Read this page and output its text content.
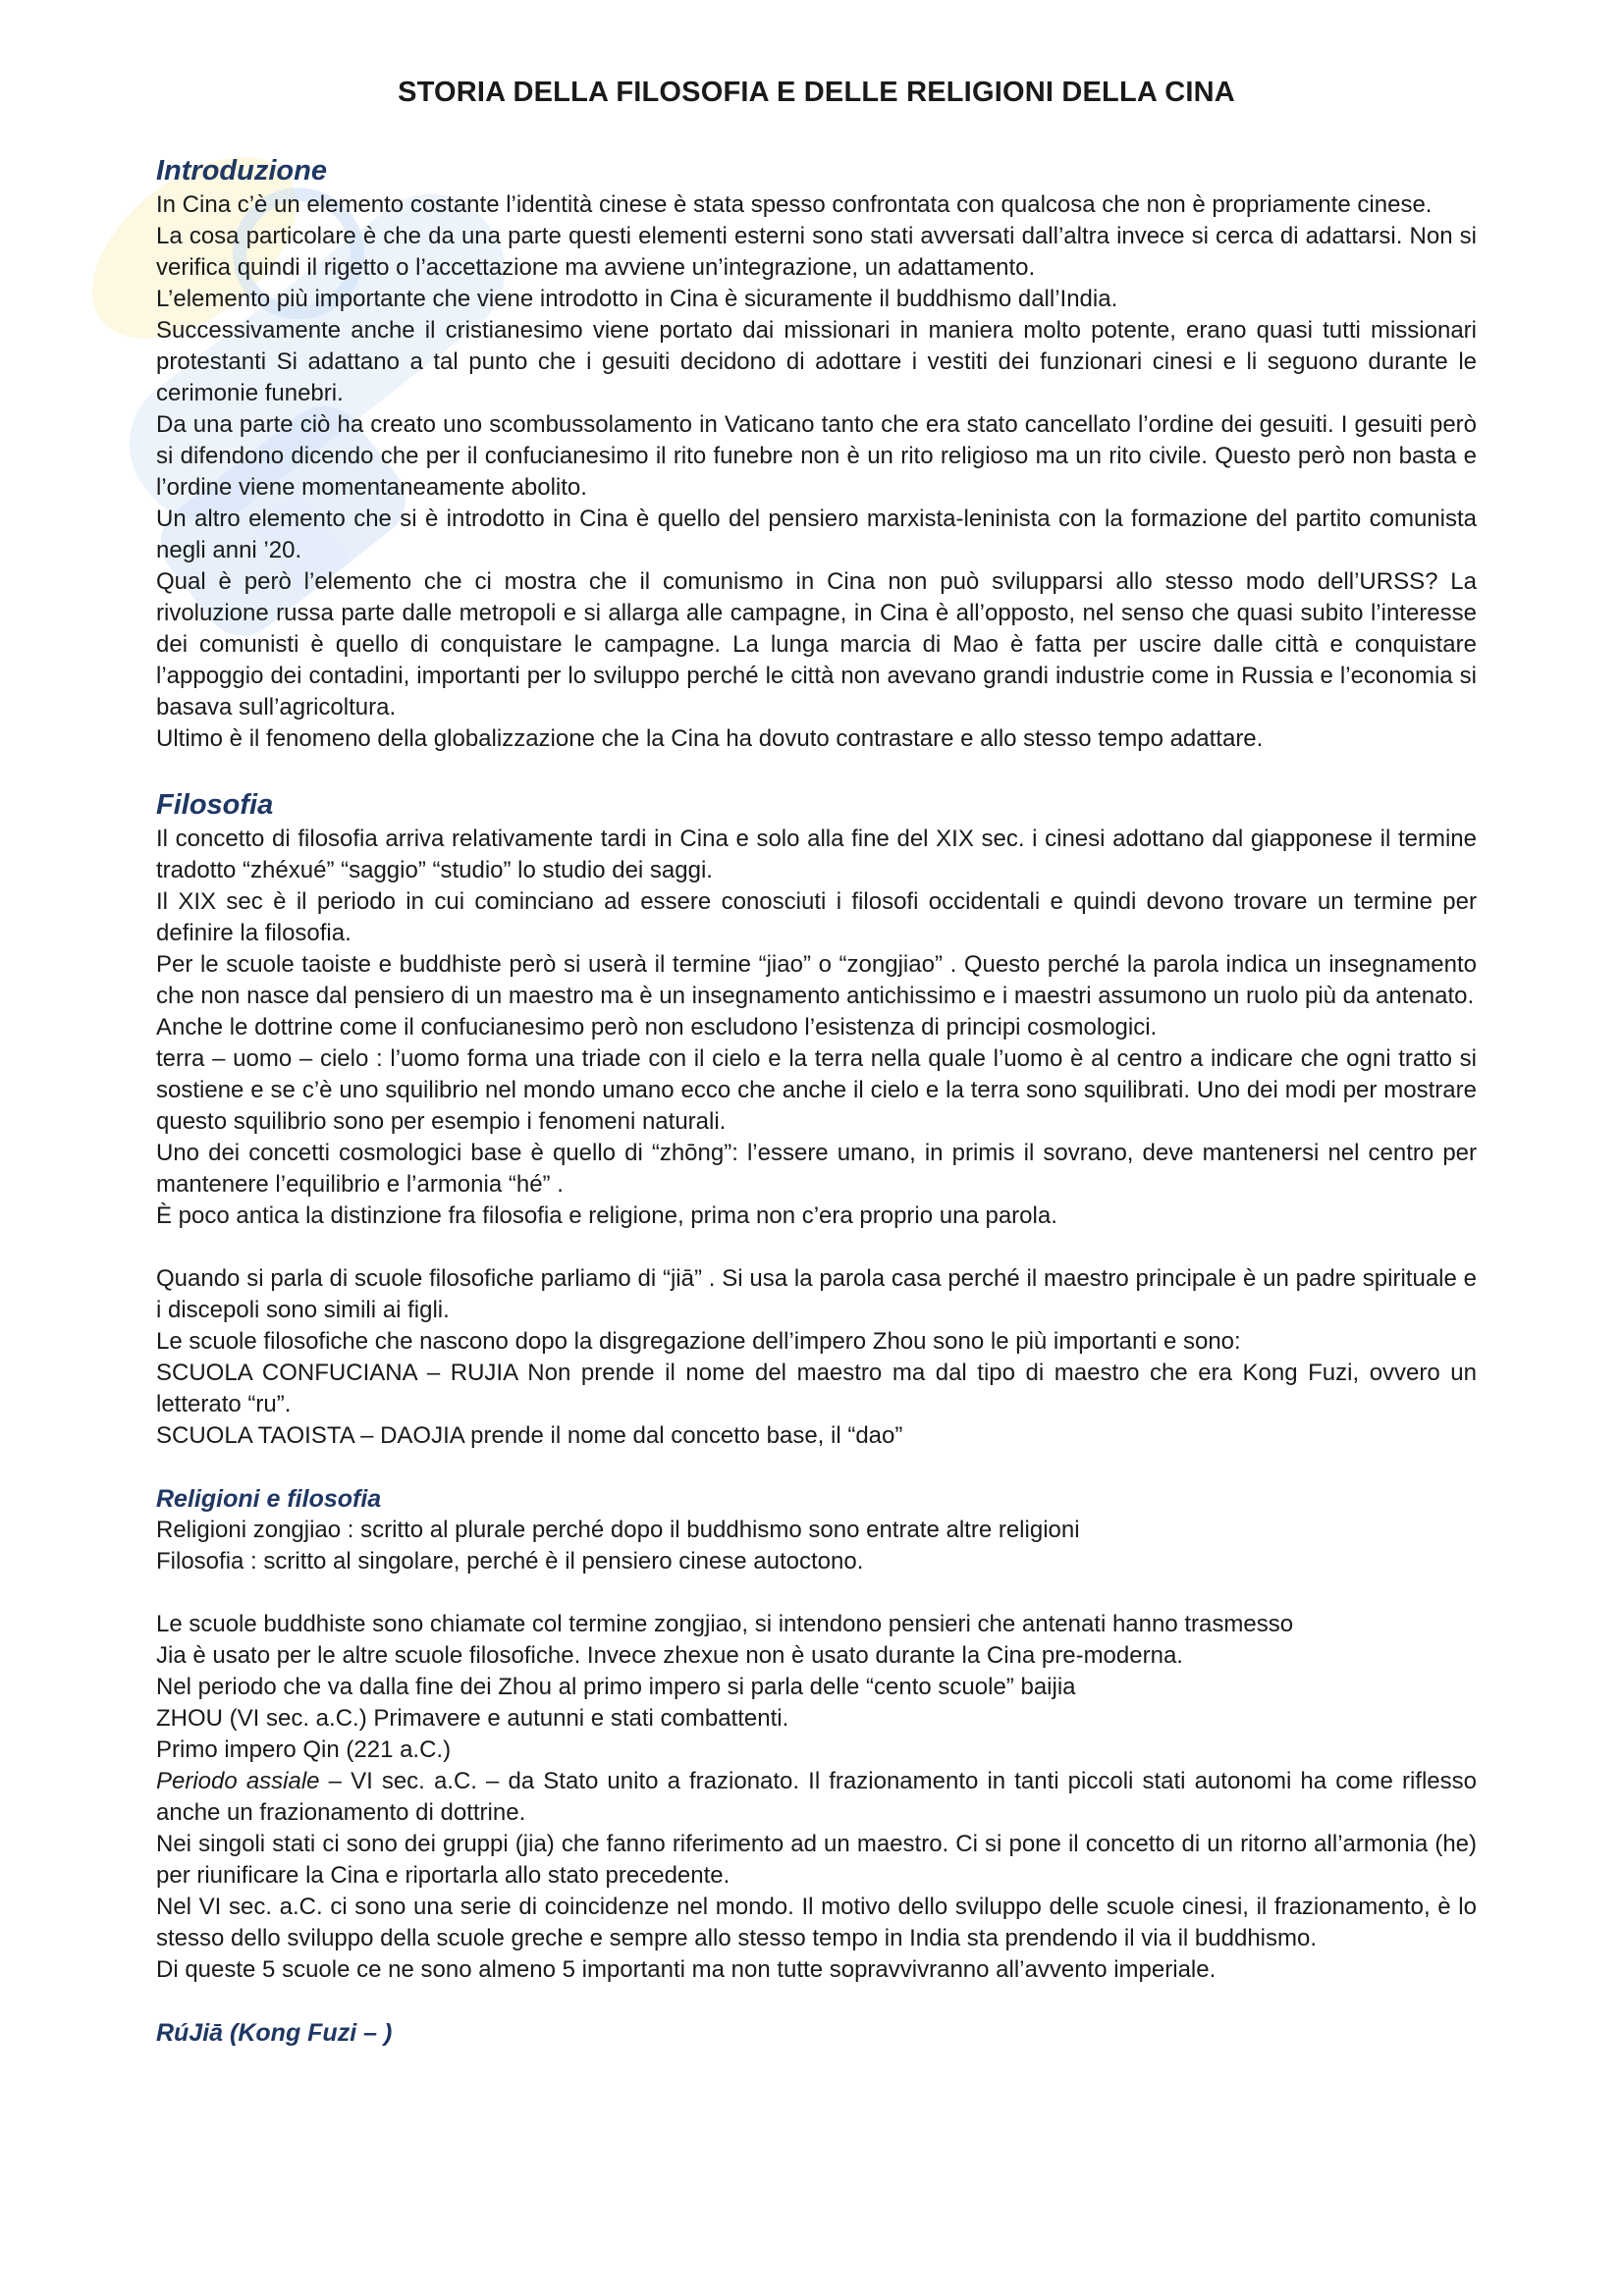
STORIA DELLA FILOSOFIA E DELLE RELIGIONI DELLA CINA
Introduzione

In Cina c’è un elemento costante l’identità cinese è stata spesso confrontata con qualcosa che non è propriamente cinese.

La cosa particolare è che da una parte questi elementi esterni sono stati avversati dall’altra invece si cerca di adattarsi. Non si verifica quindi il rigetto o l’accettazione ma avviene un’integrazione, un adattamento.

L’elemento più importante che viene introdotto in Cina è sicuramente il buddhismo dall’India.

Successivamente anche il cristianesimo viene portato dai missionari in maniera molto potente, erano quasi tutti missionari protestanti Si adattano a tal punto che i gesuiti decidono di adottare i vestiti dei funzionari cinesi e li seguono durante le cerimonie funebri.

Da una parte ciò ha creato uno scombussolamento in Vaticano tanto che era stato cancellato l’ordine dei gesuiti. I gesuiti però si difendono dicendo che per il confucianesimo il rito funebre non è un rito religioso ma un rito civile. Questo però non basta e l’ordine viene momentaneamente abolito.

Un altro elemento che si è introdotto in Cina è quello del pensiero marxista-leninista con la formazione del partito comunista negli anni ’20.

Qual è però l’elemento che ci mostra che il comunismo in Cina non può svilupparsi allo stesso modo dell’URSS? La rivoluzione russa parte dalle metropoli e si allarga alle campagne, in Cina è all’opposto, nel senso che quasi subito l’interesse dei comunisti è quello di conquistare le campagne. La lunga marcia di Mao è fatta per uscire dalle città e conquistare l’appoggio dei contadini, importanti per lo sviluppo perché le città non avevano grandi industrie come in Russia e l’economia si basava sull’agricoltura.

Ultimo è il fenomeno della globalizzazione che la Cina ha dovuto contrastare e allo stesso tempo adattare.

Filosofia

Il concetto di filosofia arriva relativamente tardi in Cina e solo alla fine del XIX sec. i cinesi adottano dal giapponese il termine tradotto “zhéxué” “saggio” “studio” lo studio dei saggi.

Il XIX sec è il periodo in cui cominciano ad essere conosciuti i filosofi occidentali e quindi devono trovare un termine per definire la filosofia.

Per le scuole taoiste e buddhiste però si userà il termine “jiao” o “zongjiao” . Questo perché la parola indica un insegnamento che non nasce dal pensiero di un maestro ma è un insegnamento antichissimo e i maestri assumono un ruolo più da antenato.

Anche le dottrine come il confucianesimo però non escludono l’esistenza di principi cosmologici.

terra – uomo – cielo : l’uomo forma una triade con il cielo e la terra nella quale l’uomo è al centro a indicare che ogni tratto si sostiene e se c’è uno squilibrio nel mondo umano ecco che anche il cielo e la terra sono squilibrati. Uno dei modi per mostrare questo squilibrio sono per esempio i fenomeni naturali.

Uno dei concetti cosmologici base è quello di “zhōng”: l’essere umano, in primis il sovrano, deve mantenersi nel centro per mantenere l’equilibrio e l’armonia “hé” .

È poco antica la distinzione fra filosofia e religione, prima non c’era proprio una parola.

Quando si parla di scuole filosofiche parliamo di “jiā” . Si usa la parola casa perché il maestro principale è un padre spirituale e i discepoli sono simili ai figli.

Le scuole filosofiche che nascono dopo la disgregazione dell’impero Zhou sono le più importanti e sono:

SCUOLA CONFUCIANA – RUJIA Non prende il nome del maestro ma dal tipo di maestro che era Kong Fuzi, ovvero un letterato “ru”.

SCUOLA TAOISTA – DAOJIA prende il nome dal concetto base, il “dao”

Religioni e filosofia

Religioni zongjiao : scritto al plurale perché dopo il buddhismo sono entrate altre religioni

Filosofia : scritto al singolare, perché è il pensiero cinese autoctono.

Le scuole buddhiste sono chiamate col termine zongjiao, si intendono pensieri che antenati hanno trasmesso

Jia è usato per le altre scuole filosofiche. Invece zhexue non è usato durante la Cina pre-moderna.

Nel periodo che va dalla fine dei Zhou al primo impero si parla delle “cento scuole” baijia

ZHOU (VI sec. a.C.) Primavere e autunni e stati combattenti.

Primo impero Qin (221 a.C.)

Periodo assiale – VI sec. a.C. – da Stato unito a frazionato. Il frazionamento in tanti piccoli stati autonomi ha come riflesso anche un frazionamento di dottrine.

Nei singoli stati ci sono dei gruppi (jia) che fanno riferimento ad un maestro. Ci si pone il concetto di un ritorno all’armonia (he) per riunificare la Cina e riportarla allo stato precedente.

Nel VI sec. a.C. ci sono una serie di coincidenze nel mondo. Il motivo dello sviluppo delle scuole cinesi, il frazionamento, è lo stesso dello sviluppo della scuole greche e sempre allo stesso tempo in India sta prendendo il via il buddhismo.

Di queste 5 scuole ce ne sono almeno 5 importanti ma non tutte sopravvivranno all’avvento imperiale.

RúJiā (Kong Fuzi – )
